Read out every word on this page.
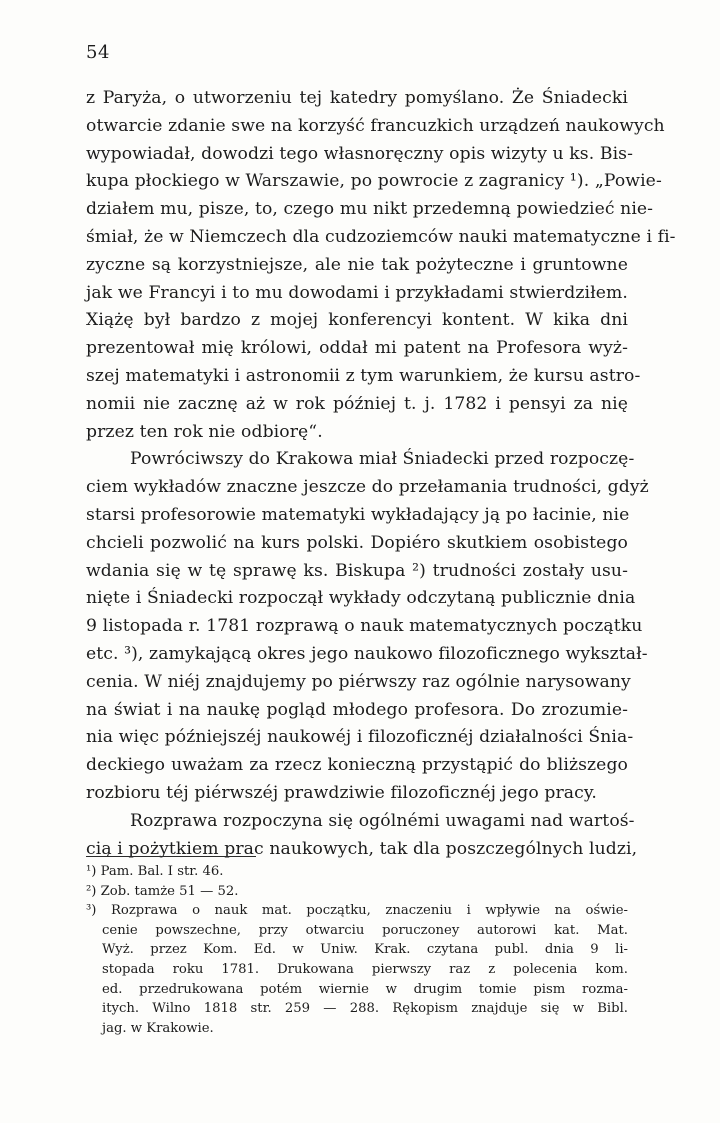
54
z Paryża, o utworzeniu tej katedry pomyślano. Że Śniadecki
otwarcie zdanie swe na korzyść francuzkich urządzeń naukowych
wypowiadał, dowodzi tego własnoręczny opis wizyty u ks. Bis-
kupa płockiego w Warszawie, po powrocie z zagranicy ¹). „Powie-
działem mu, pisze, to, czego mu nikt przedemną powiedzieć nie-
śmiał, że w Niemczech dla cudzoziemców nauki matematyczne i fi-
zyczne są korzystniejsze, ale nie tak pożyteczne i gruntowne
jak we Francyi i to mu dowodami i przykładami stwierdziłem.
Xiążę był bardzo z mojej konferencyi kontent. W kika dni
prezentował mię królowi, oddał mi patent na Profesora wyż-
szej matematyki i astronomii z tym warunkiem, że kursu astro-
nomii nie zacznę aż w rok później t. j. 1782 i pensyi za nię
przez ten rok nie odbiorę“.
Powróciwszy do Krakowa miał Śniadecki przed rozpoczę-
ciem wykładów znaczne jeszcze do przełamania trudności, gdyż
starsi profesorowie matematyki wykładający ją po łacinie, nie
chcieli pozwolić na kurs polski. Dopiéro skutkiem osobistego
wdania się w tę sprawę ks. Biskupa ²) trudności zostały usu-
nięte i Śniadecki rozpoczął wykłady odczytaną publicznie dnia
9 listopada r. 1781 rozprawą o nauk matematycznych początku
etc. ³), zamykającą okres jego naukowo filozoficznego wykształ-
cenia. W niéj znajdujemy po piérwszy raz ogólnie narysowany
na świat i na naukę pogląd młodego profesora. Do zrozumie-
nia więc późniejszéj naukowéj i filozoficznéj działalności Śnia-
deckiego uważam za rzecz konieczną przystąpić do bliższego
rozbioru téj piérwszéj prawdziwie filozoficznéj jego pracy.
Rozprawa rozpoczyna się ogólnémi uwagami nad wartoś-
cią i pożytkiem prac naukowych, tak dla poszczególnych ludzi,
¹) Pam. Bal. I str. 46.
²) Zob. tamże 51 — 52.
³) Rozprawa o nauk mat. początku, znaczeniu i wpływie na oświe-
cenie powszechne, przy otwarciu poruczoney autorowi kat. Mat.
Wyż. przez Kom. Ed. w Uniw. Krak. czytana publ. dnia 9 li-
stopada roku 1781. Drukowana pierwszy raz z polecenia kom.
ed. przedrukowana potém wiernie w drugim tomie pism rozma-
itych. Wilno 1818 str. 259 — 288. Rękopism znajduje się w Bibl.
jag. w Krakowie.
